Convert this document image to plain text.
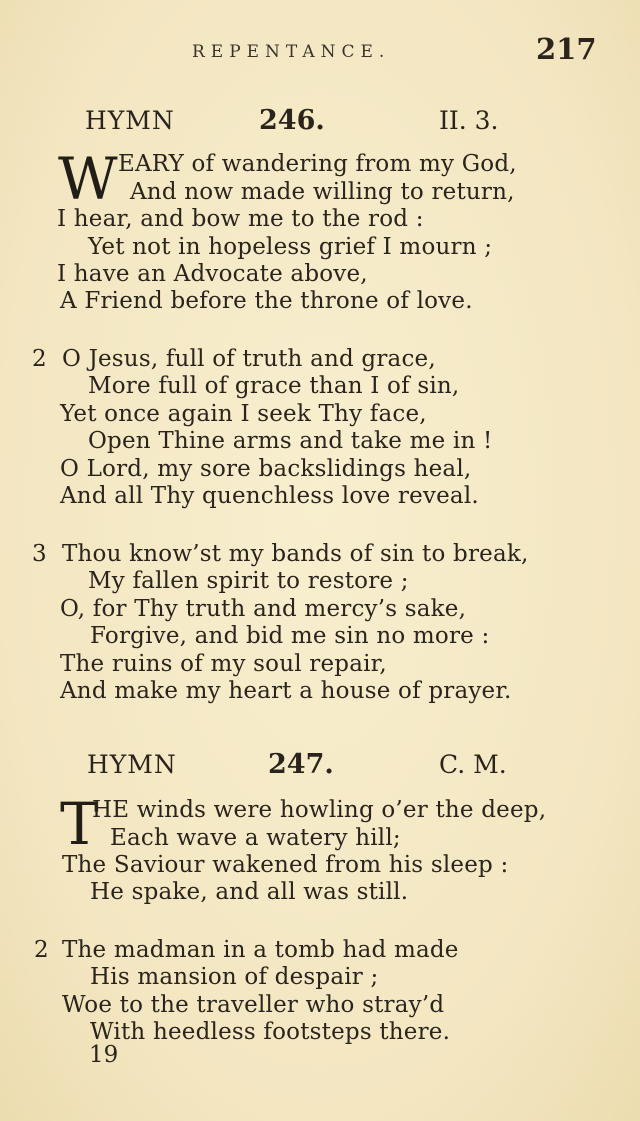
REPENTANCE.	217
HYMN	246.	II. 3.
W EARY of wandering from my God,
And now made willing to return,
I hear, and bow me to the rod :
Yet not in hopeless grief I mourn ;
I have an Advocate above,
A Friend before the throne of love.
2 O Jesus, full of truth and grace,
More full of grace than I of sin,
Yet once again I seek Thy face,
Open Thine arms and take me in !
O Lord, my sore backslidings heal,
And all Thy quenchless love reveal.
3 Thou know’st my bands of sin to break,
My fallen spirit to restore ;
O, for Thy truth and mercy’s sake,
Forgive, and bid me sin no more :
The ruins of my soul repair,
And make my heart a house of prayer.
HYMN	247.	C. M.
T
HE winds were howling o’er the deep,
Each wave a watery hill;
The Saviour wakened from his sleep :
He spake, and all was still.
2 The madman in a tomb had made
His mansion of despair ;
Woe to the traveller who stray’d
With heedless footsteps there.
19
